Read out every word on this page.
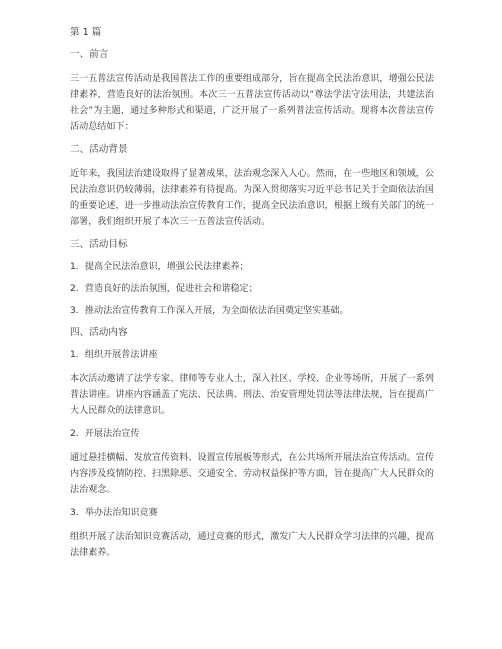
第 1 篇
一、前言
三一五普法宣传活动是我国普法工作的重要组成部分，旨在提高全民法治意识，增强公民法律素养，营造良好的法治氛围。本次三一五普法宣传活动以“尊法学法守法用法，共建法治社会”为主题，通过多种形式和渠道，广泛开展了一系列普法宣传活动。现将本次普法宣传活动总结如下：
二、活动背景
近年来，我国法治建设取得了显著成果，法治观念深入人心。然而，在一些地区和领域，公民法治意识仍较薄弱，法律素养有待提高。为深入贯彻落实习近平总书记关于全面依法治国的重要论述，进一步推动法治宣传教育工作，提高全民法治意识，根据上级有关部门的统一部署，我们组织开展了本次三一五普法宣传活动。
三、活动目标
1. 提高全民法治意识，增强公民法律素养；
2. 营造良好的法治氛围，促进社会和谐稳定；
3. 推动法治宣传教育工作深入开展，为全面依法治国奠定坚实基础。
四、活动内容
1. 组织开展普法讲座
本次活动邀请了法学专家、律师等专业人士，深入社区、学校、企业等场所，开展了一系列普法讲座。讲座内容涵盖了宪法、民法典、刑法、治安管理处罚法等法律法规，旨在提高广大人民群众的法律意识。
2. 开展法治宣传
通过悬挂横幅、发放宣传资料、设置宣传展板等形式，在公共场所开展法治宣传活动。宣传内容涉及疫情防控、扫黑除恶、交通安全、劳动权益保护等方面，旨在提高广大人民群众的法治观念。
3. 举办法治知识竞赛
组织开展了法治知识竞赛活动，通过竞赛的形式，激发广大人民群众学习法律的兴趣，提高法律素养。
